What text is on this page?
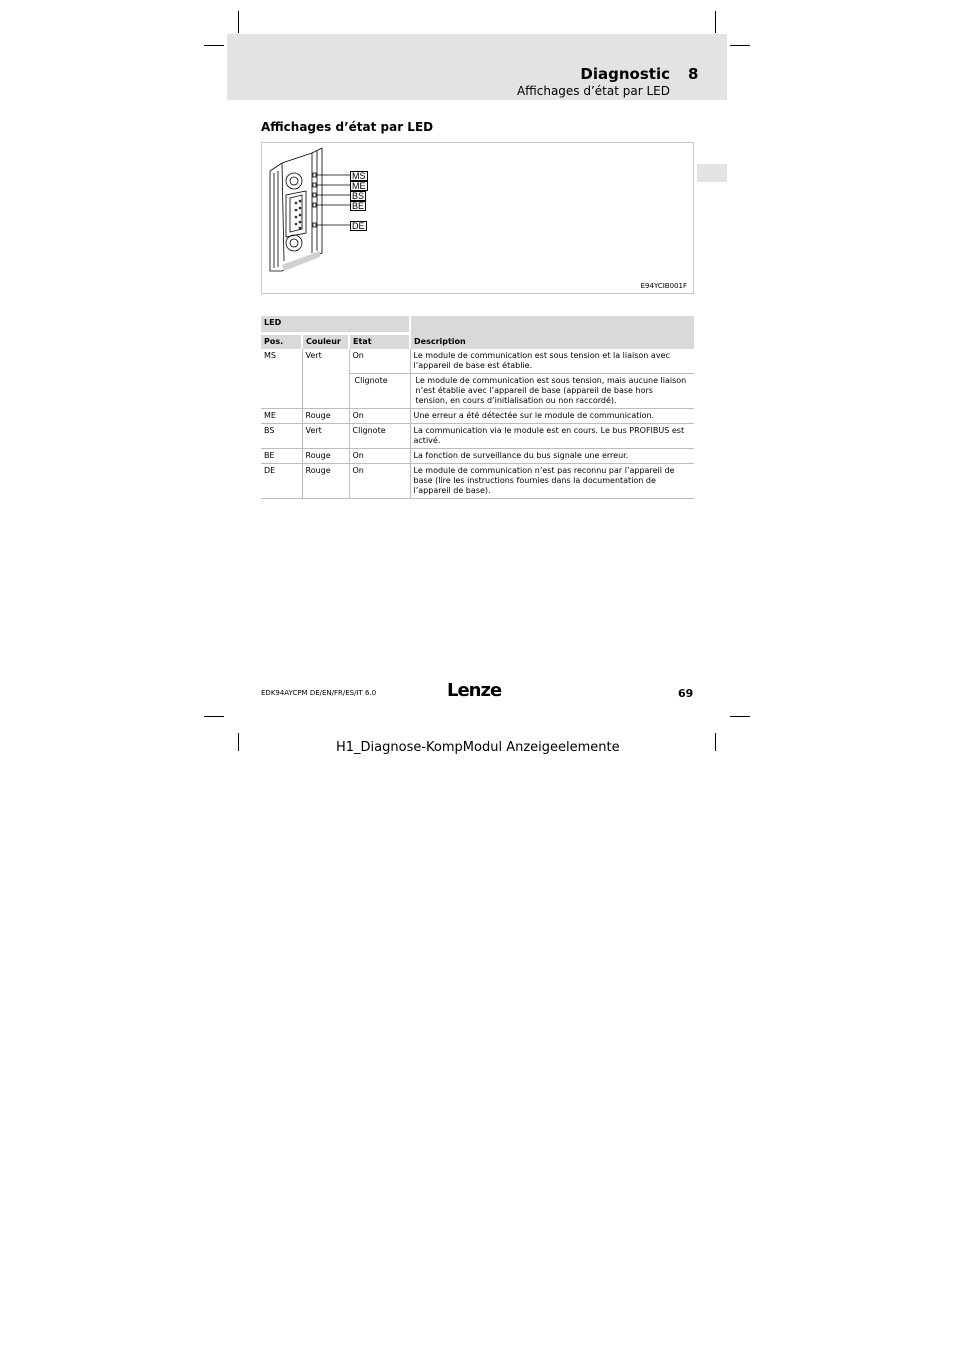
Diagnostic 8
Affichages d’état par LED
Affichages d’état par LED
MS
ME
BS
BE
DE
E94YCIB001F
LED			Description
Pos.	Couleur	Etat	
MS	Vert	On	Le module de communication est sous tension et la liaison avec l’appareil de base est établie.
		Clignote	Le module de communication est sous tension, mais aucune liaison n’est établie avec l’appareil de base (appareil de base hors tension, en cours d’initialisation ou non raccordé).
ME	Rouge	On	Une erreur a été détectée sur le module de communication.
BS	Vert	Clignote	La communication via le module est en cours. Le bus PROFIBUS est activé.
BE	Rouge	On	La fonction de surveillance du bus signale une erreur.
DE	Rouge	On	Le module de communication n’est pas reconnu par l’appareil de base (lire les instructions fournies dans la documentation de l’appareil de base).
EDK94AYCPM DE/EN/FR/ES/IT 6.0	Lenze	69
H1_Diagnose-KompModul Anzeigeelemente
